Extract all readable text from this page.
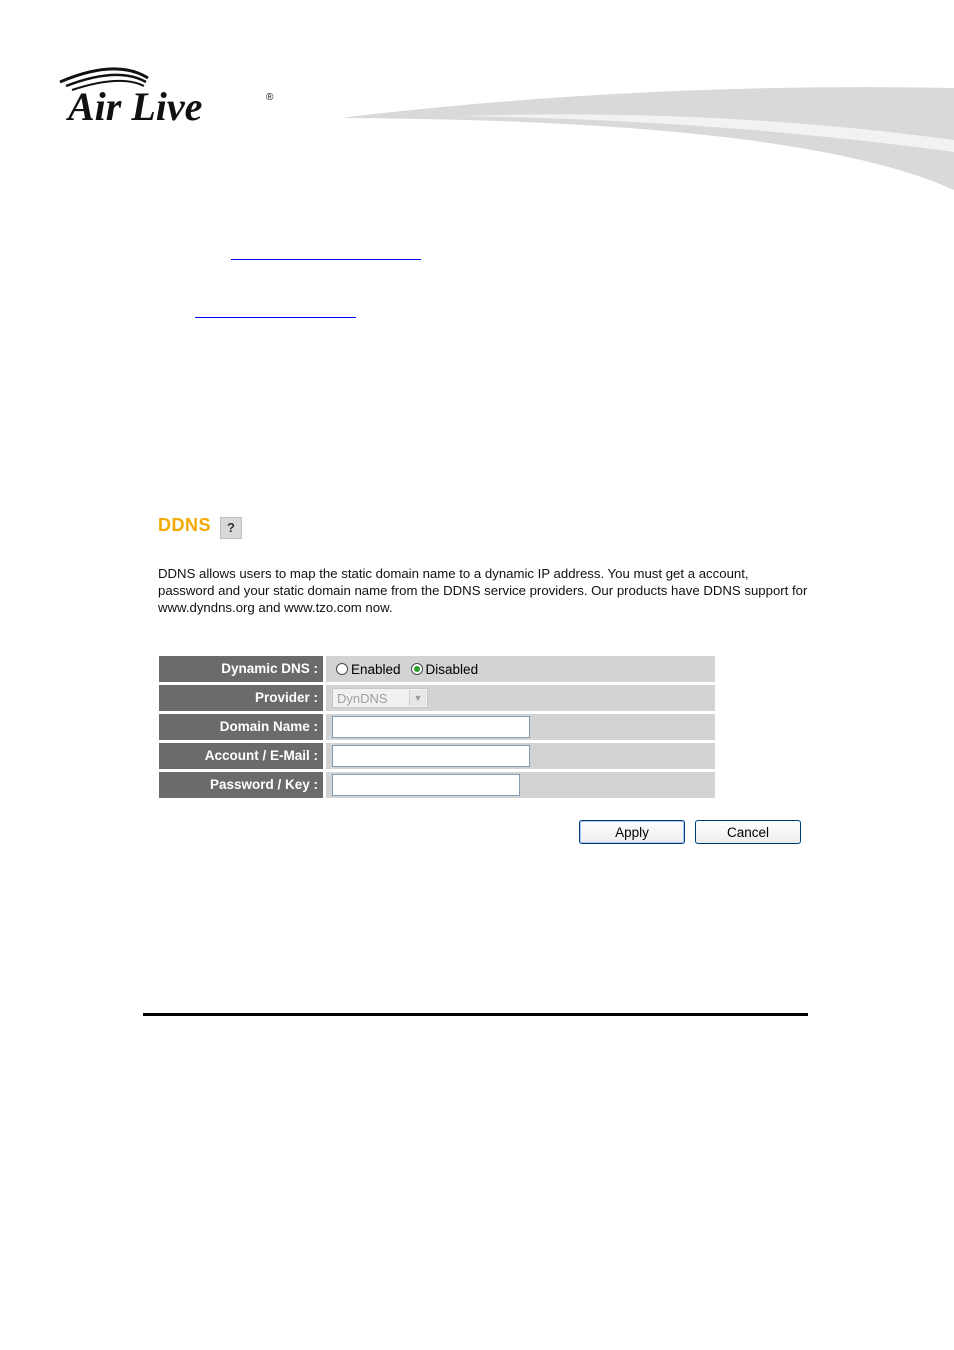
Air Live	®
DDNS	?
DDNS allows users to map the static domain name to a dynamic IP address. You must get a account, password and your static domain name from the DDNS service providers. Our products have DDNS support for www.dyndns.org and www.tzo.com now.
Dynamic DNS :	Enabled Disabled
Provider :	DynDNS	▼
Domain Name :
Account / E-Mail :
Password / Key :
Apply	Cancel
